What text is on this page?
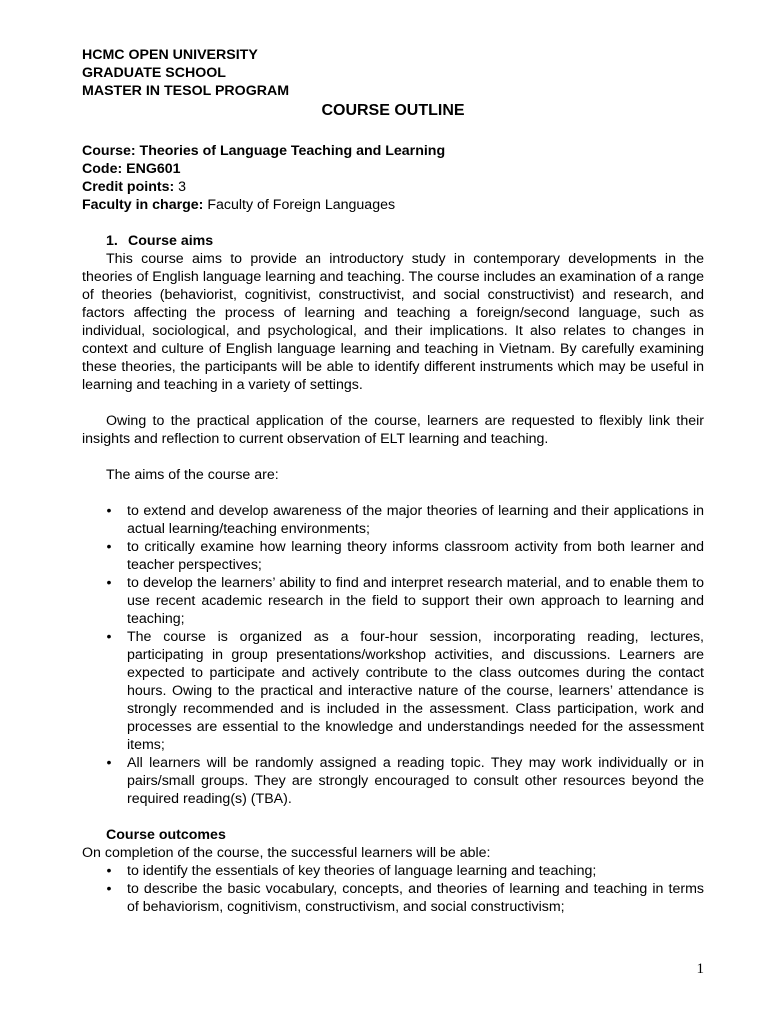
HCMC OPEN UNIVERSITY

GRADUATE SCHOOL

MASTER IN TESOL PROGRAM

COURSE OUTLINE

Course: Theories of Language Teaching and Learning

Code: ENG601

Credit points: 3

Faculty in charge: Faculty of Foreign Languages

1. Course aims

This course aims to provide an introductory study in contemporary developments in the theories of English language learning and teaching. The course includes an examination of a range of theories (behaviorist, cognitivist, constructivist, and social constructivist) and research, and factors affecting the process of learning and teaching a foreign/second language, such as individual, sociological, and psychological, and their implications. It also relates to changes in context and culture of English language learning and teaching in Vietnam. By carefully examining these theories, the participants will be able to identify different instruments which may be useful in learning and teaching in a variety of settings.

Owing to the practical application of the course, learners are requested to flexibly link their insights and reflection to current observation of ELT learning and teaching.

The aims of the course are:

• to extend and develop awareness of the major theories of learning and their applications in actual learning/teaching environments;
• to critically examine how learning theory informs classroom activity from both learner and teacher perspectives;
• to develop the learners’ ability to find and interpret research material, and to enable them to use recent academic research in the field to support their own approach to learning and teaching;
• The course is organized as a four-hour session, incorporating reading, lectures, participating in group presentations/workshop activities, and discussions. Learners are expected to participate and actively contribute to the class outcomes during the contact hours. Owing to the practical and interactive nature of the course, learners’ attendance is strongly recommended and is included in the assessment. Class participation, work and processes are essential to the knowledge and understandings needed for the assessment items;
• All learners will be randomly assigned a reading topic. They may work individually or in pairs/small groups. They are strongly encouraged to consult other resources beyond the required reading(s) (TBA).

Course outcomes

On completion of the course, the successful learners will be able:

• to identify the essentials of key theories of language learning and teaching;
• to describe the basic vocabulary, concepts, and theories of learning and teaching in terms of behaviorism, cognitivism, constructivism, and social constructivism;
1
